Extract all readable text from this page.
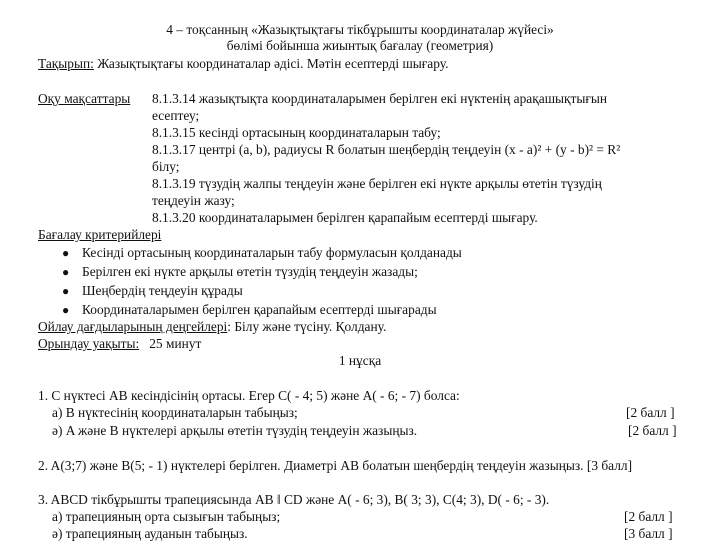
4 – тоқсанның «Жазықтықтағы тікбұрышты координаталар жүйесі»
бөлімі бойынша жиынтық бағалау (геометрия)
Тақырып: Жазықтықтағы координаталар әдісі. Мәтін есептерді шығару.
Оқу мақсаттары 8.1.3.14 жазықтықта координаталарымен берілген екі нүктенің арақашықтығын
есептеу;
8.1.3.15 кесінді ортасының координаталарын табу;
8.1.3.17 центрі (a, b), радиусы R болатын шеңбердің теңдеуін (x - a)² + (y - b)² = R²
білу;
8.1.3.19 түзудің жалпы теңдеуін және берілген екі нүкте арқылы өтетін түзудің
теңдеуін жазу;
8.1.3.20 координаталарымен берілген қарапайым есептерді шығару.
Бағалау критерийлері
● Кесінді ортасының координаталарын табу формуласын қолданады
● Берілген екі нүкте арқылы өтетін түзудің теңдеуін жазады;
● Шеңбердің теңдеуін құрады
● Координаталарымен берілген қарапайым есептерді шығарады
Ойлау дағдыларының деңгейлері: Білу және түсіну. Қолдану.
Орындау уақыты:   25 минут
1 нұсқа
1. С нүктесі AB кесіндісінің ортасы. Егер C( - 4; 5) және A( - 6; - 7) болса:
а) B нүктесінің координаталарын табыңыз;	[2 балл ]
ә) A және B нүктелері арқылы өтетін түзудің теңдеуін жазыңыз.	[2 балл ]
2. A(3;7) және B(5; - 1) нүктелері берілген. Диаметрі AB болатын шеңбердің теңдеуін жазыңыз. [3 балл]
3. ABCD тікбұрышты трапециясында AB ‖ CD және A( - 6; 3), B( 3; 3), C(4; 3), D( - 6; - 3).
а) трапецияның орта сызығын табыңыз;	[2 балл ]
ә) трапецияның ауданын табыңыз.	[3 балл ]
